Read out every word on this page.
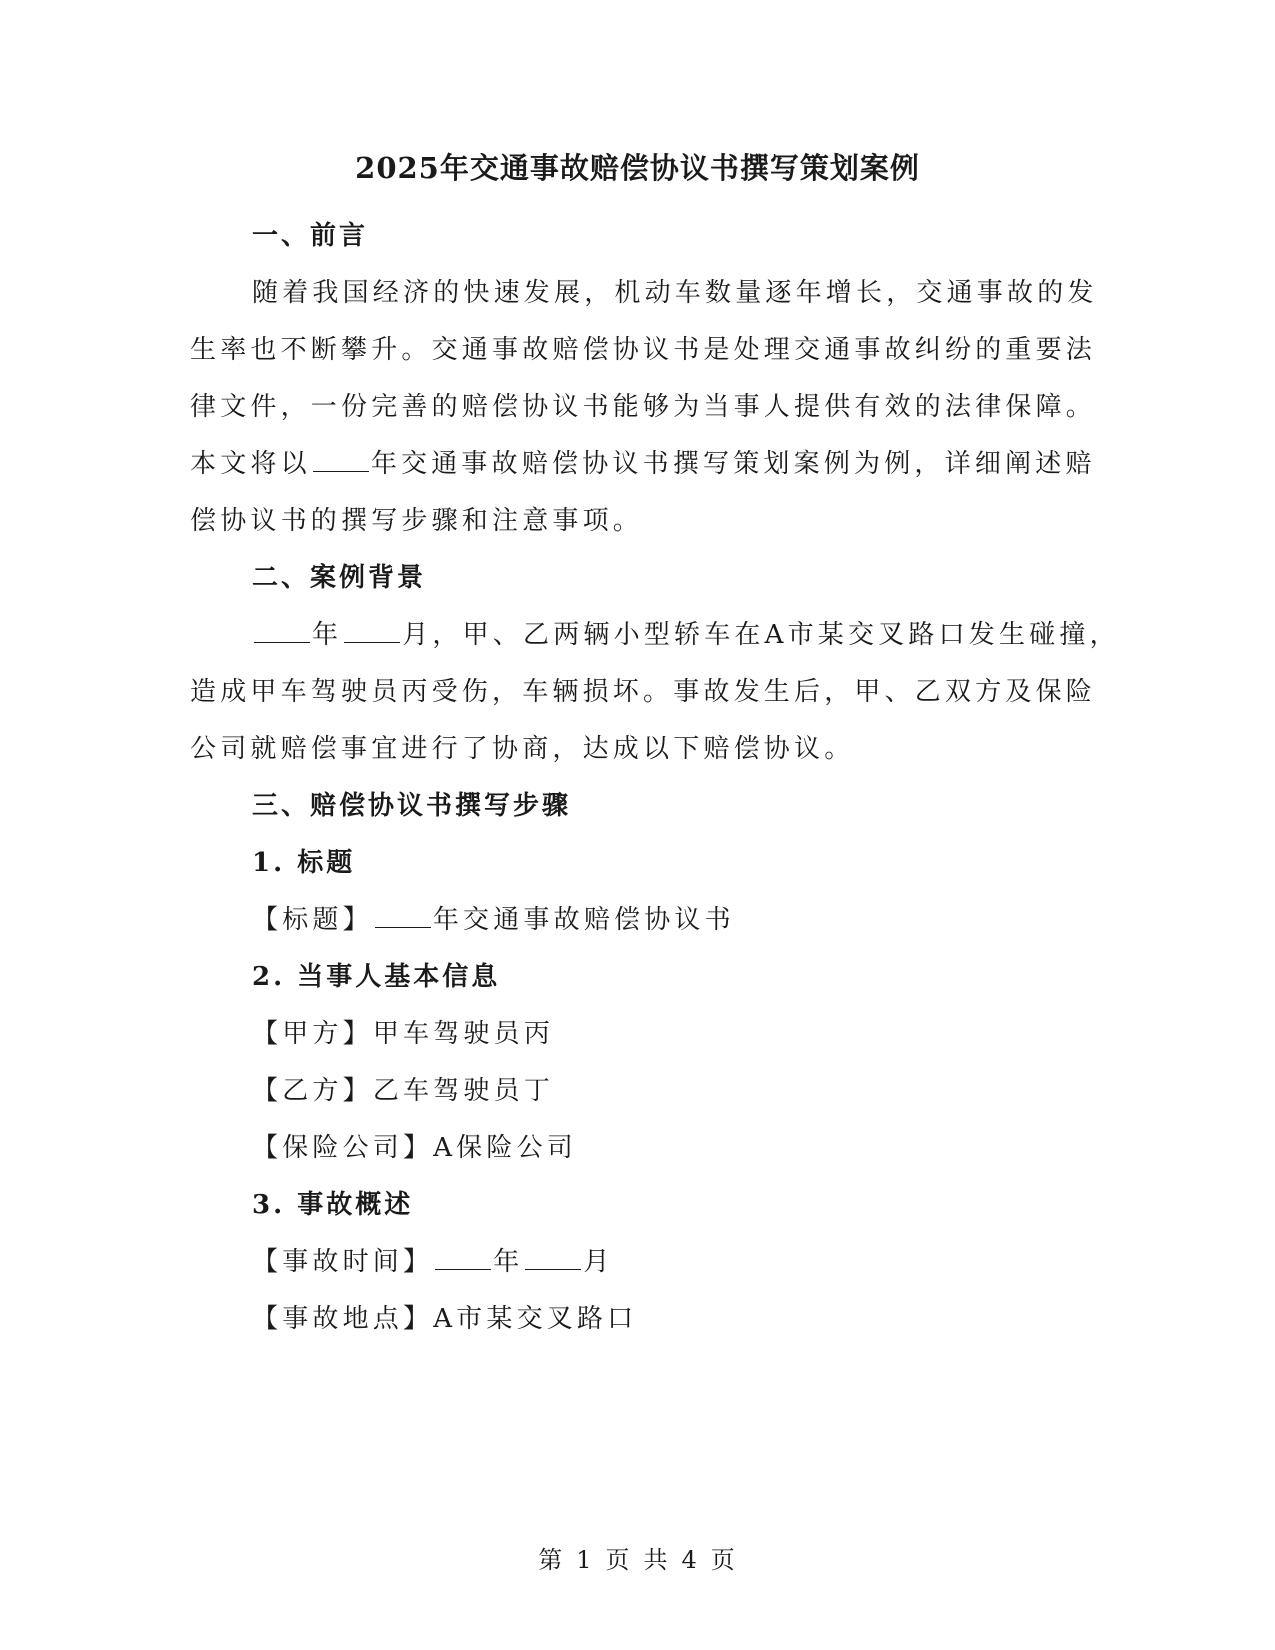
2025年交通事故赔偿协议书撰写策划案例
一、前言
随着我国经济的快速发展，机动车数量逐年增长，交通事故的发
生率也不断攀升。交通事故赔偿协议书是处理交通事故纠纷的重要法
律文件，一份完善的赔偿协议书能够为当事人提供有效的法律保障。
本文将以 年交通事故赔偿协议书撰写策划案例为例，详细阐述赔
偿协议书的撰写步骤和注意事项。
二、案例背景
年 月，甲、乙两辆小型轿车在A市某交叉路口发生碰撞，
造成甲车驾驶员丙受伤，车辆损坏。事故发生后，甲、乙双方及保险
公司就赔偿事宜进行了协商，达成以下赔偿协议。
三、赔偿协议书撰写步骤
1. 标题
【标题】 年交通事故赔偿协议书
2. 当事人基本信息
【甲方】甲车驾驶员丙
【乙方】乙车驾驶员丁
【保险公司】A保险公司
3. 事故概述
【事故时间】 年 月
【事故地点】A市某交叉路口
第 1 页 共 4 页
